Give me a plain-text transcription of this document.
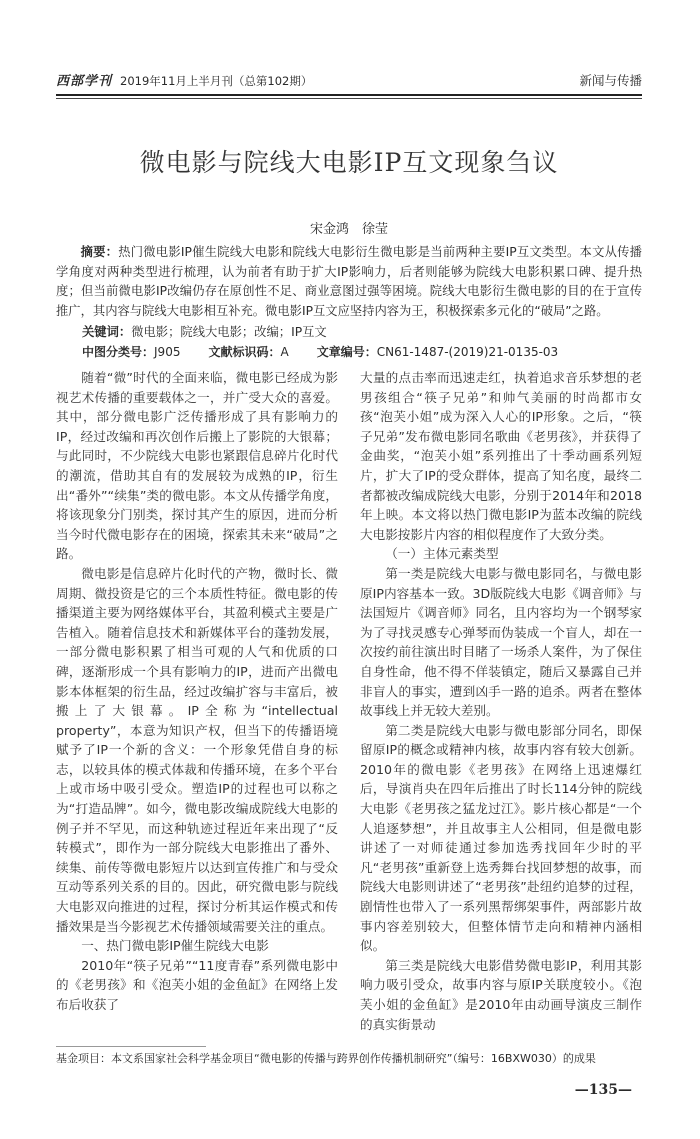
西部学刊 2019年11月上半月刊（总第102期）	新闻与传播
微电影与院线大电影IP互文现象刍议
宋金鸿　徐莹
摘要：热门微电影IP催生院线大电影和院线大电影衍生微电影是当前两种主要IP互文类型。本文从传播学角度对两种类型进行梳理，认为前者有助于扩大IP影响力，后者则能够为院线大电影积累口碑、提升热度；但当前微电影IP改编仍存在原创性不足、商业意图过强等困境。院线大电影衍生微电影的目的在于宣传推广，其内容与院线大电影相互补充。微电影IP互文应坚持内容为王，积极探索多元化的“破局”之路。
关键词：微电影；院线大电影；改编；IP互文
中图分类号：J905 文献标识码：A 文章编号：CN61-1487-(2019)21-0135-03

随着“微”时代的全面来临，微电影已经成为影视艺术传播的重要载体之一，并广受大众的喜爱。其中，部分微电影广泛传播形成了具有影响力的IP，经过改编和再次创作后搬上了影院的大银幕；与此同时，不少院线大电影也紧跟信息碎片化时代的潮流，借助其自有的发展较为成熟的IP，衍生出“番外”“续集”类的微电影。本文从传播学角度，将该现象分门别类，探讨其产生的原因，进而分析当今时代微电影存在的困境，探索其未来“破局”之路。

微电影是信息碎片化时代的产物，微时长、微周期、微投资是它的三个本质性特征。微电影的传播渠道主要为网络媒体平台，其盈利模式主要是广告植入。随着信息技术和新媒体平台的蓬勃发展，一部分微电影积累了相当可观的人气和优质的口碑，逐渐形成一个具有影响力的IP，进而产出微电影本体框架的衍生品，经过改编扩容与丰富后，被搬上了大银幕。IP全称为“intellectual property”，本意为知识产权，但当下的传播语境赋予了IP一个新的含义：一个形象凭借自身的标志，以较具体的模式体裁和传播环境，在多个平台上或市场中吸引受众。塑造IP的过程也可以称之为“打造品牌”。如今，微电影改编成院线大电影的例子并不罕见，而这种轨迹过程近年来出现了“反转模式”，即作为一部分院线大电影推出了番外、续集、前传等微电影短片以达到宣传推广和与受众互动等系列关系的目的。因此，研究微电影与院线大电影双向推进的过程，探讨分析其运作模式和传播效果是当今影视艺术传播领域需要关注的重点。

一、热门微电影IP催生院线大电影

2010年“筷子兄弟”“11度青春”系列微电影中的《老男孩》和《泡芙小姐的金鱼缸》在网络上发布后收获了

大量的点击率而迅速走红，执着追求音乐梦想的老男孩组合“筷子兄弟”和帅气美丽的时尚都市女孩“泡芙小姐”成为深入人心的IP形象。之后，“筷子兄弟”发布微电影同名歌曲《老男孩》，并获得了金曲奖，“泡芙小姐”系列推出了十季动画系列短片，扩大了IP的受众群体，提高了知名度，最终二者都被改编成院线大电影，分别于2014年和2018年上映。本文将以热门微电影IP为蓝本改编的院线大电影按影片内容的相似程度作了大致分类。

（一）主体元素类型

第一类是院线大电影与微电影同名，与微电影原IP内容基本一致。3D版院线大电影《调音师》与法国短片《调音师》同名，且内容均为一个钢琴家为了寻找灵感专心弹琴而伪装成一个盲人，却在一次按约前往演出时目睹了一场杀人案件，为了保住自身性命，他不得不佯装镇定，随后又暴露自己并非盲人的事实，遭到凶手一路的追杀。两者在整体故事线上并无较大差别。

第二类是院线大电影与微电影部分同名，即保留原IP的概念或精神内核，故事内容有较大创新。2010年的微电影《老男孩》在网络上迅速爆红后，导演肖央在四年后推出了时长114分钟的院线大电影《老男孩之猛龙过江》。影片核心都是“一个人追逐梦想”，并且故事主人公相同，但是微电影讲述了一对师徒通过参加选秀找回年少时的平凡“老男孩”重新登上选秀舞台找回梦想的故事，而院线大电影则讲述了“老男孩”赴纽约追梦的过程，剧情性也带入了一系列黑帮绑架事件，两部影片故事内容差别较大，但整体情节走向和精神内涵相似。

第三类是院线大电影借势微电影IP，利用其影响力吸引受众，故事内容与原IP关联度较小。《泡芙小姐的金鱼缸》是2010年由动画导演皮三制作的真实街景动

基金项目：本文系国家社会科学基金项目“微电影的传播与跨界创作传播机制研究”（编号：16BXW030）的成果
—135—
